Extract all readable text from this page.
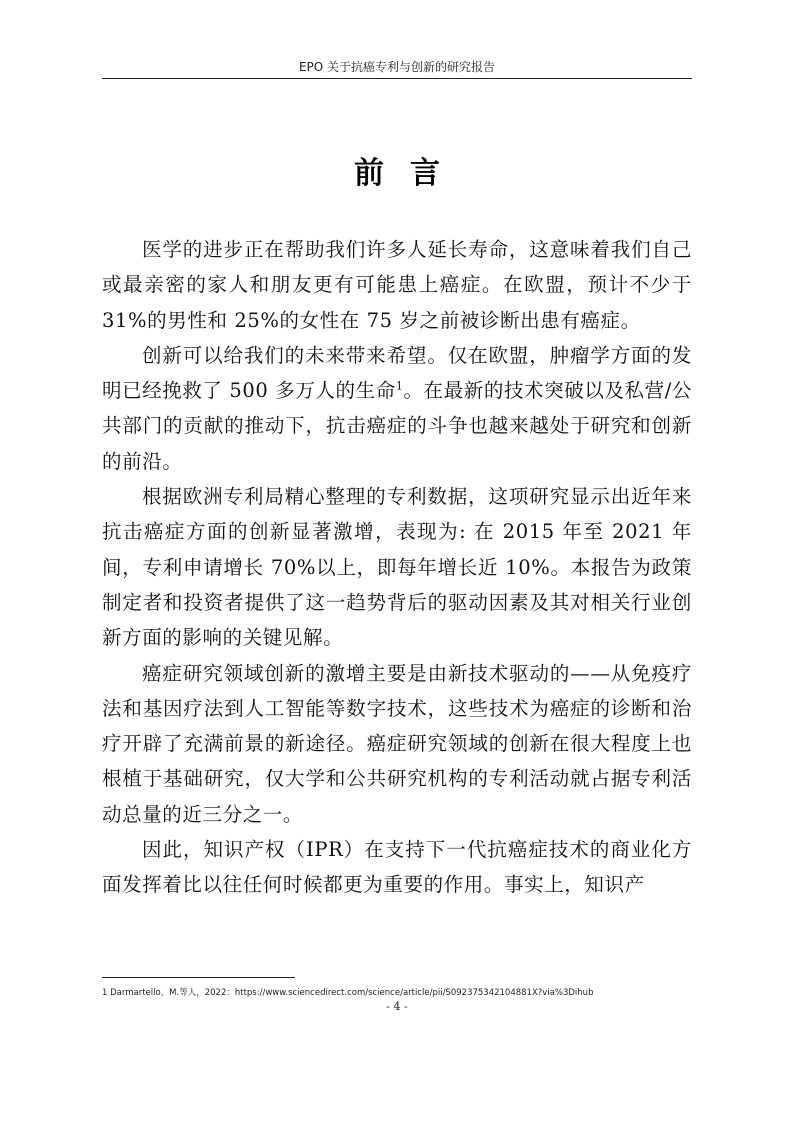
EPO 关于抗癌专利与创新的研究报告
前言

医学的进步正在帮助我们许多人延长寿命，这意味着我们自己或最亲密的家人和朋友更有可能患上癌症。在欧盟，预计不少于 31%的男性和 25%的女性在 75 岁之前被诊断出患有癌症。

创新可以给我们的未来带来希望。仅在欧盟，肿瘤学方面的发明已经挽救了 500 多万人的生命$^1$。在最新的技术突破以及私营/公共部门的贡献的推动下，抗击癌症的斗争也越来越处于研究和创新的前沿。

根据欧洲专利局精心整理的专利数据，这项研究显示出近年来抗击癌症方面的创新显著激增，表现为: 在 2015 年至 2021 年间，专利申请增长 70%以上，即每年增长近 10%。本报告为政策制定者和投资者提供了这一趋势背后的驱动因素及其对相关行业创新方面的影响的关键见解。

癌症研究领域创新的激增主要是由新技术驱动的——从免疫疗法和基因疗法到人工智能等数字技术，这些技术为癌症的诊断和治疗开辟了充满前景的新途径。癌症研究领域的创新在很大程度上也根植于基础研究，仅大学和公共研究机构的专利活动就占据专利活动总量的近三分之一。

因此，知识产权（IPR）在支持下一代抗癌症技术的商业化方面发挥着比以往任何时候都更为重要的作用。事实上，知识产

1 Darmartello，M.等人，2022：https://www.sciencedirect.com/science/article/pii/S092375342104881X?via%3Dihub
- 4 -
